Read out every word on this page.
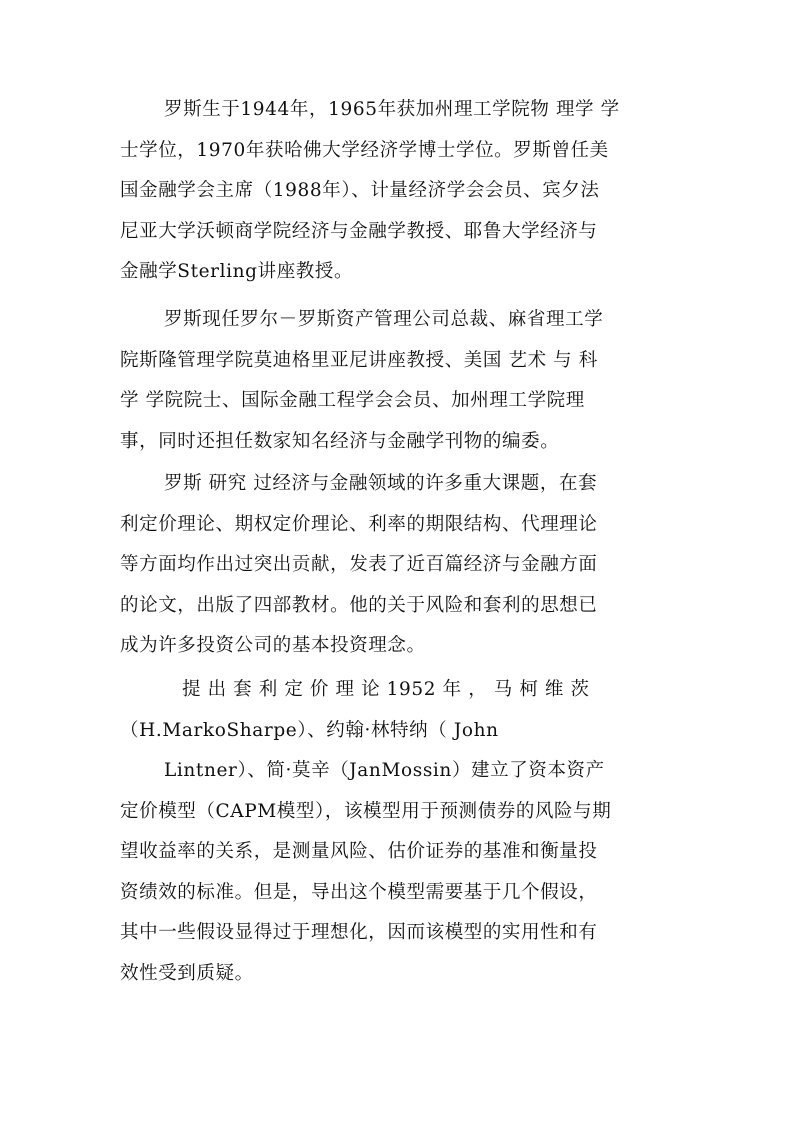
罗斯生于1944年，1965年获加州理工学院物 理学 学
士学位，1970年获哈佛大学经济学博士学位。罗斯曾任美
国金融学会主席（1988年）、计量经济学会会员、宾夕法
尼亚大学沃顿商学院经济与金融学教授、耶鲁大学经济与
金融学Sterling讲座教授。
罗斯现任罗尔－罗斯资产管理公司总裁、麻省理工学
院斯隆管理学院莫迪格里亚尼讲座教授、美国 艺术 与 科
学 学院院士、国际金融工程学会会员、加州理工学院理
事，同时还担任数家知名经济与金融学刊物的编委。
罗斯 研究 过经济与金融领域的许多重大课题，在套
利定价理论、期权定价理论、利率的期限结构、代理理论
等方面均作出过突出贡献，发表了近百篇经济与金融方面
的论文，出版了四部教材。他的关于风险和套利的思想已
成为许多投资公司的基本投资理念。
提 出 套 利 定 价 理 论 1952 年 ， 马 柯 维 茨
（H.MarkoSharpe）、约翰·林特纳（ John
Lintner）、简·莫辛（JanMossin）建立了资本资产
定价模型（CAPM模型），该模型用于预测债券的风险与期
望收益率的关系，是测量风险、估价证券的基准和衡量投
资绩效的标准。但是，导出这个模型需要基于几个假设，
其中一些假设显得过于理想化，因而该模型的实用性和有
效性受到质疑。
